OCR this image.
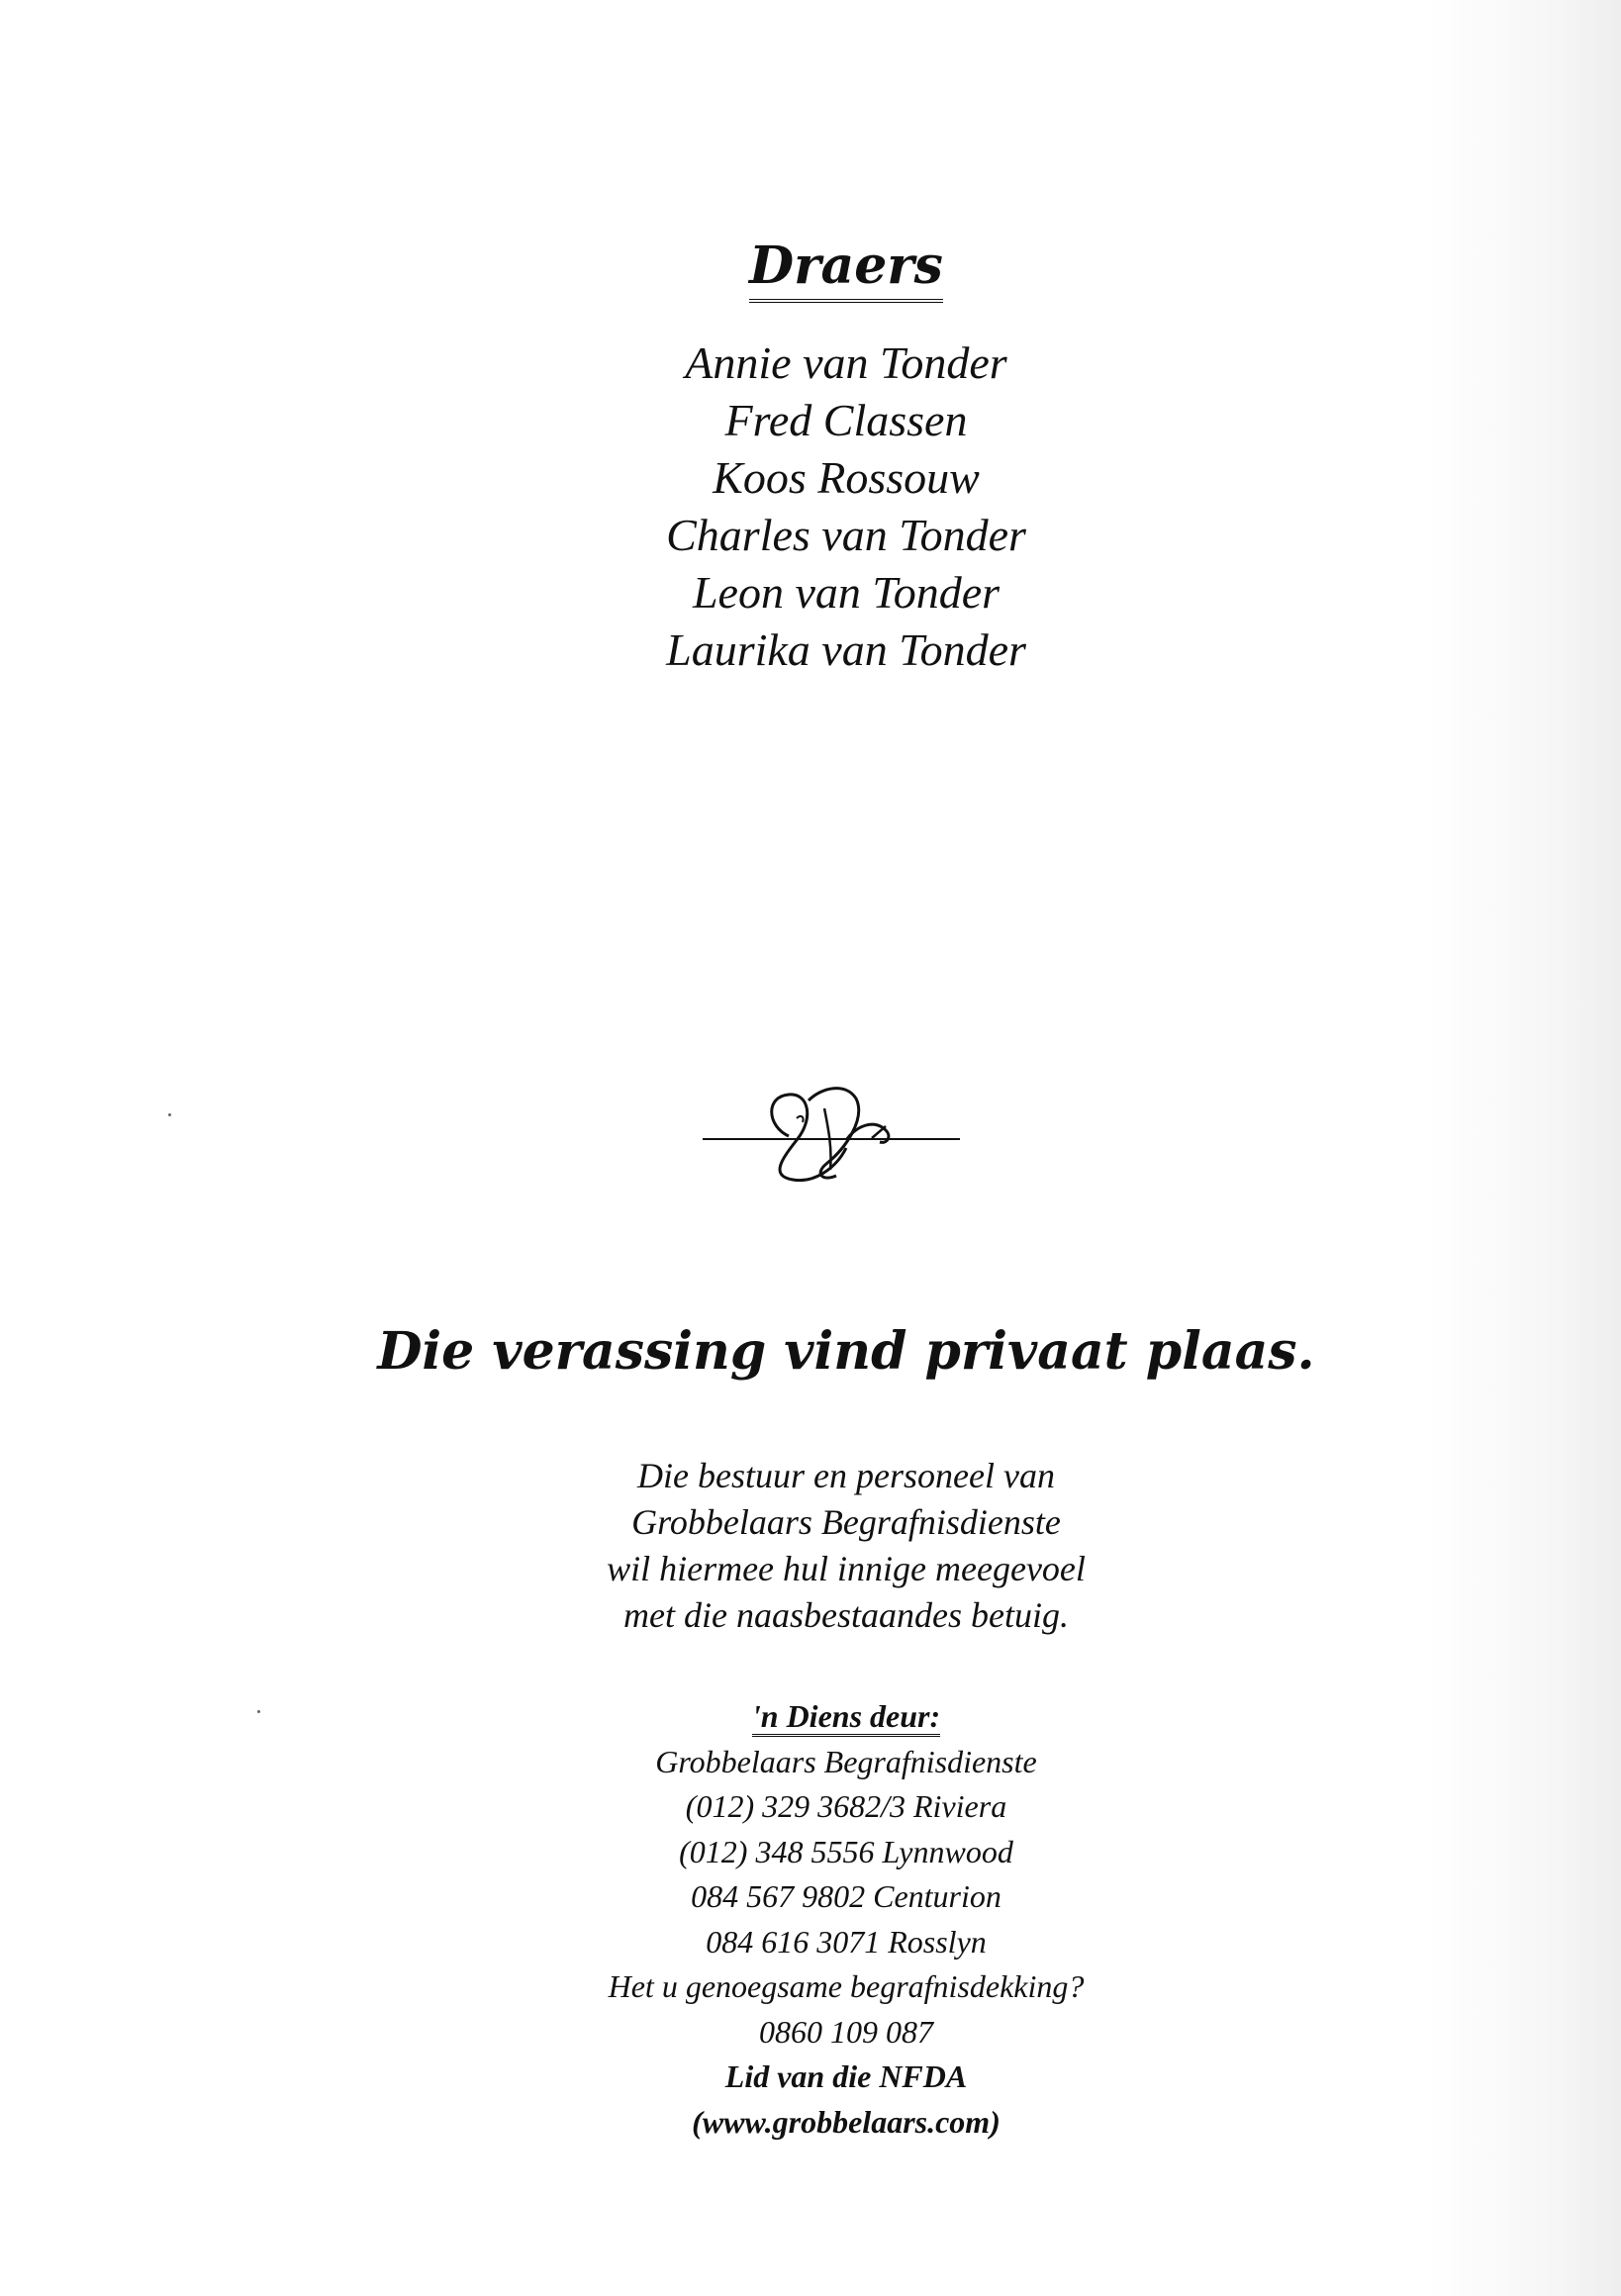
Draers
Annie van Tonder
Fred Classen
Koos Rossouw
Charles van Tonder
Leon van Tonder
Laurika van Tonder
Die verassing vind privaat plaas.
Die bestuur en personeel van
Grobbelaars Begrafnisdienste
wil hiermee hul innige meegevoel
met die naasbestaandes betuig.
'n Diens deur:
Grobbelaars Begrafnisdienste
(012) 329 3682/3 Riviera
(012) 348 5556 Lynnwood
084 567 9802 Centurion
084 616 3071 Rosslyn
Het u genoegsame begrafnisdekking?
0860 109 087
Lid van die NFDA
(www.grobbelaars.com)
